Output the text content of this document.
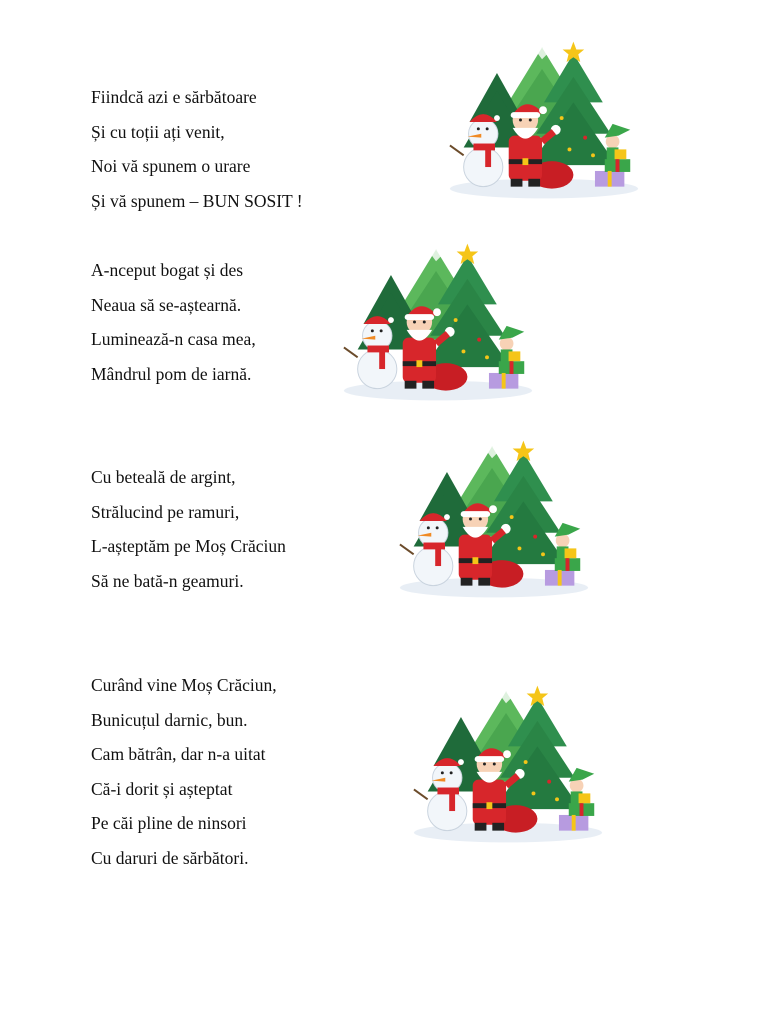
Fiindcă azi e sărbătoare
Și cu toții ați venit,
Noi vă spunem o urare
Și vă spunem – BUN SOSIT !
A-nceput bogat și des
Neaua să se-aștearnă.
Luminează-n casa mea,
Mândrul pom de iarnă.
Cu beteală de argint,
Strălucind pe ramuri,
L-așteptăm pe Moș Crăciun
Să ne bată-n geamuri.
Curând vine Moș Crăciun,
Bunicuțul darnic, bun.
Cam bătrân, dar n-a uitat
Că-i dorit și așteptat
Pe căi pline de ninsori
Cu daruri de sărbători.
